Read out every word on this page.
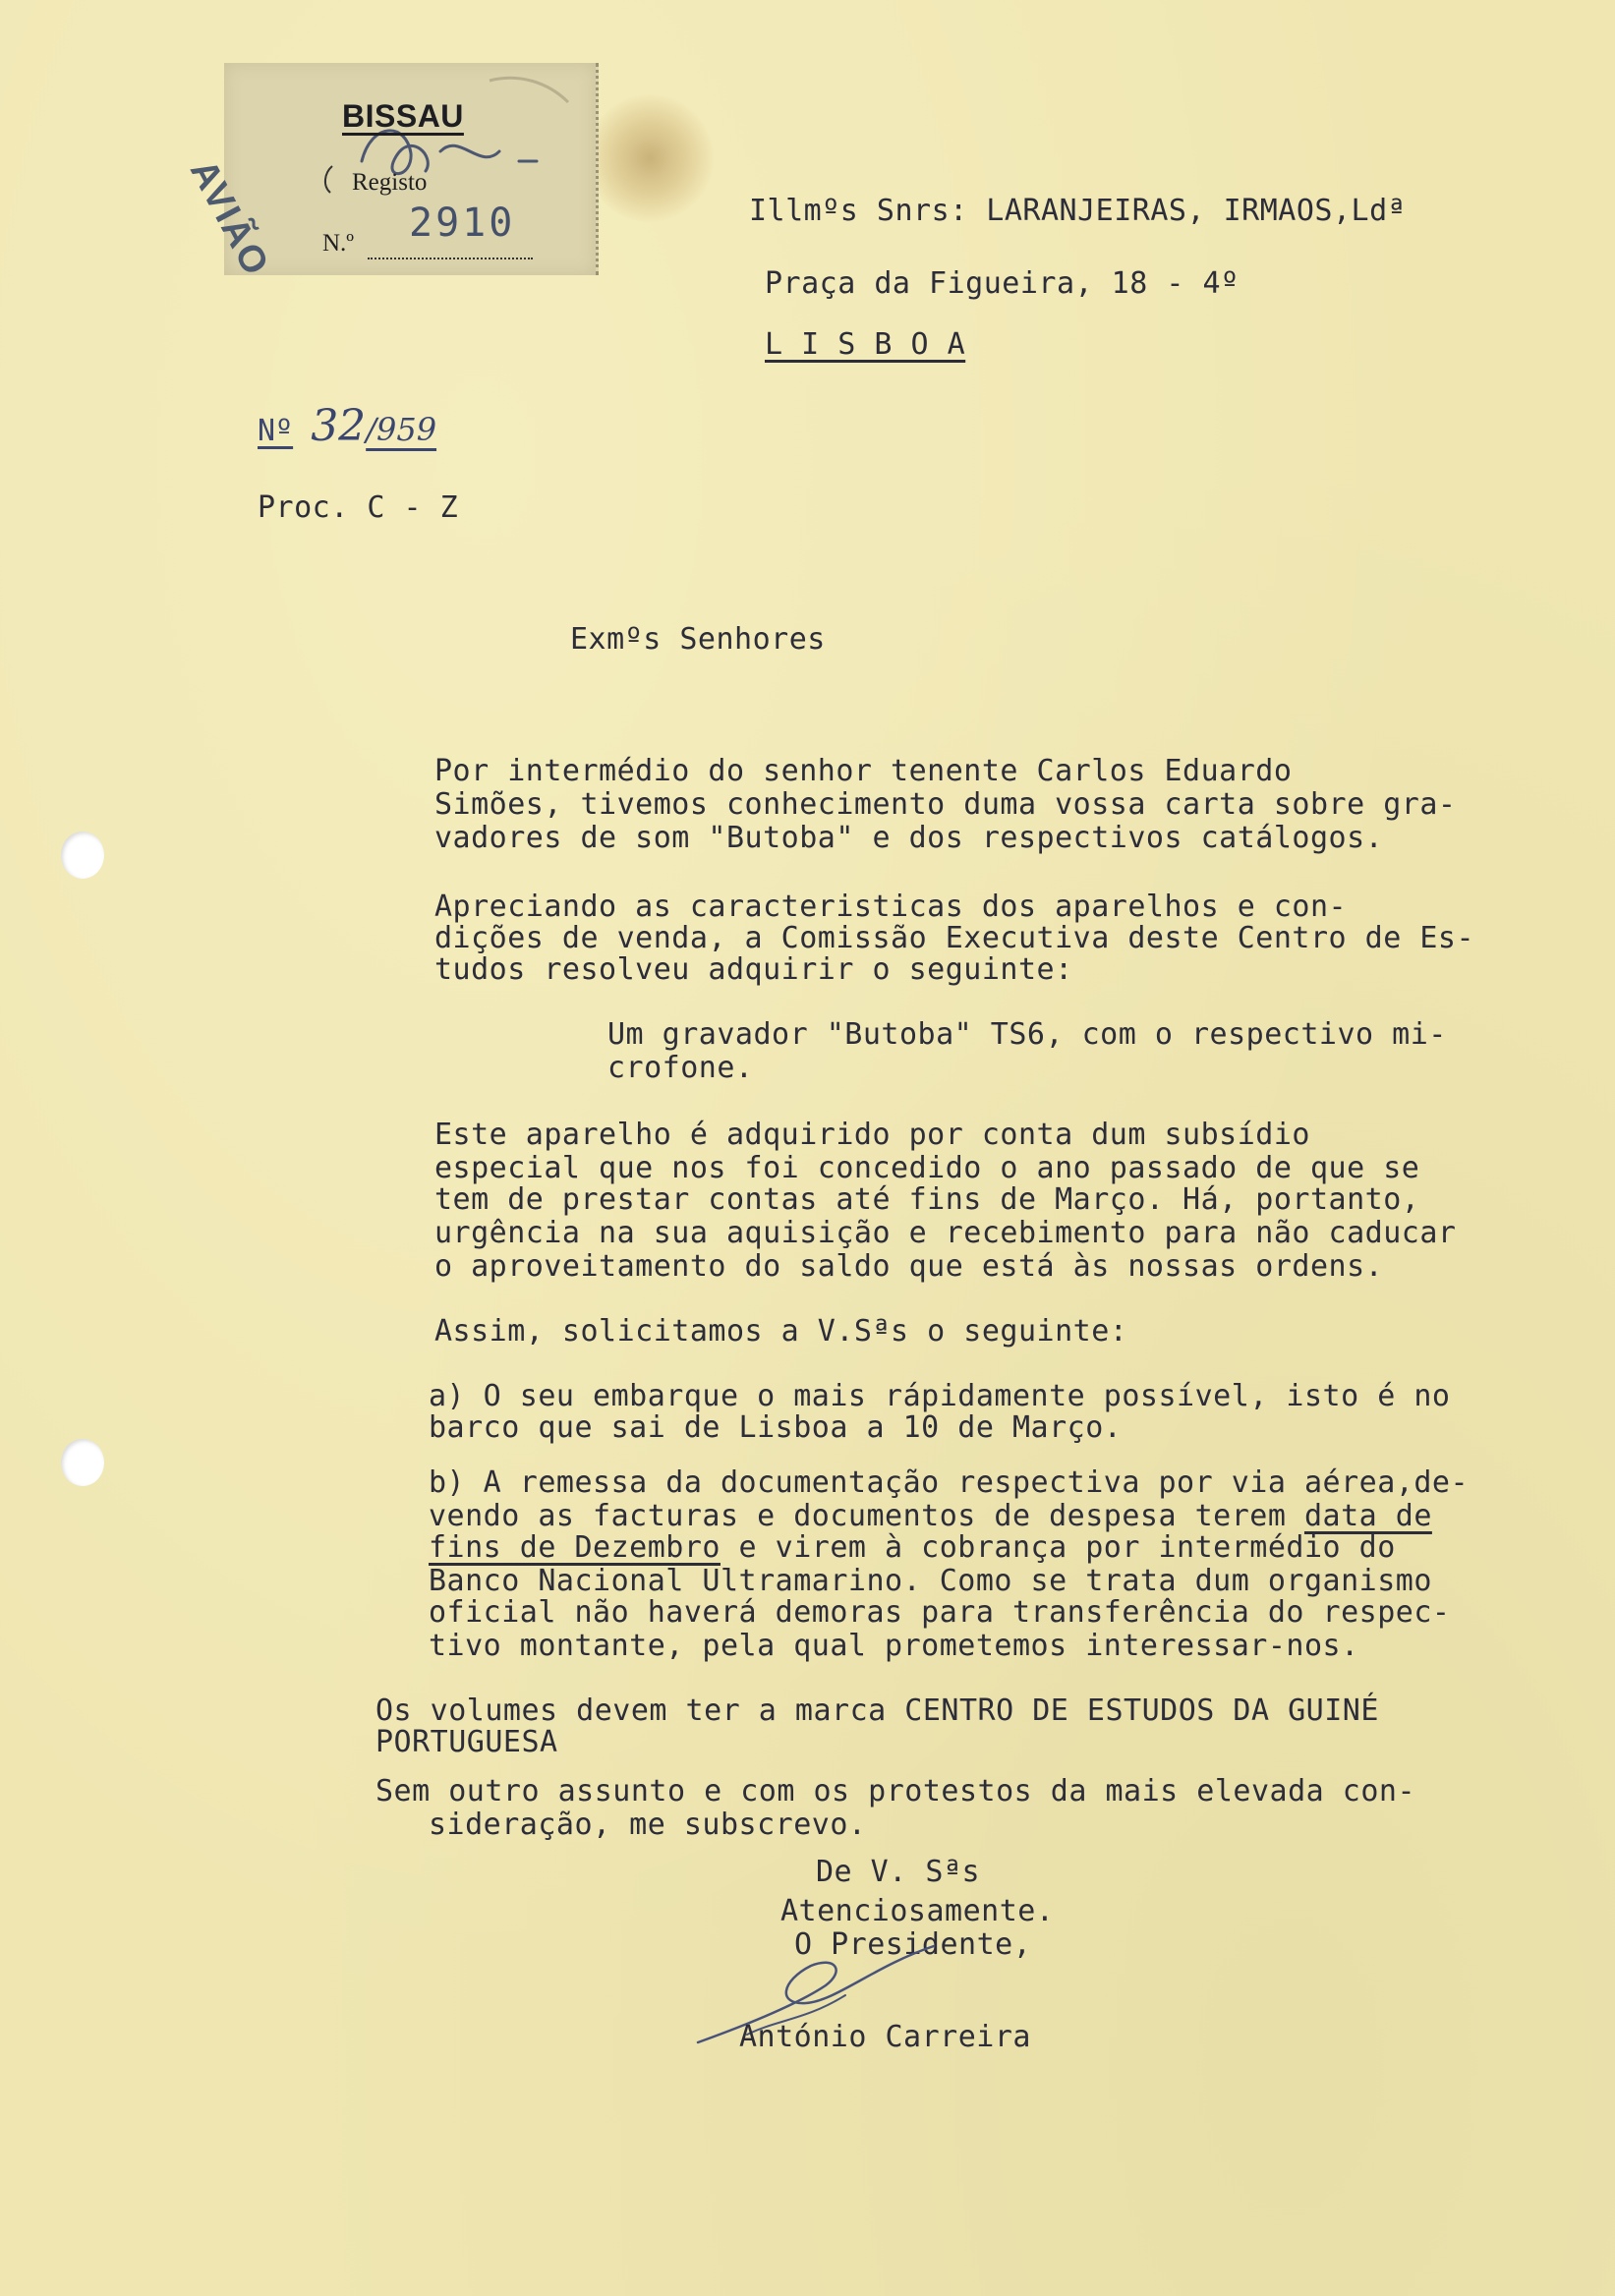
BISSAU
AVIÃO	Registo
N.º 2910	Illmºs Snrs: LARANJEIRAS, IRMAOS,Ldª
Praça da Figueira, 18 - 4º
L I S B O A
Nº 32/959
Proc. C - Z
Exmºs Senhores
Por intermédio do senhor tenente Carlos Eduardo
Simões, tivemos conhecimento duma vossa carta sobre gra-
vadores de som "Butoba" e dos respectivos catálogos.
Apreciando as caracteristicas dos aparelhos e con-
dições de venda, a Comissão Executiva deste Centro de Es-
tudos resolveu adquirir o seguinte:
Um gravador "Butoba" TS6, com o respectivo mi-
crofone.
Este aparelho é adquirido por conta dum subsídio
especial que nos foi concedido o ano passado de que se
tem de prestar contas até fins de Março. Há, portanto,
urgência na sua aquisição e recebimento para não caducar
o aproveitamento do saldo que está às nossas ordens.
Assim, solicitamos a V.Sªs o seguinte:
a) O seu embarque o mais rápidamente possível, isto é no
barco que sai de Lisboa a 10 de Março.
b) A remessa da documentação respectiva por via aérea,de-
vendo as facturas e documentos de despesa terem data de
fins de Dezembro e virem à cobrança por intermédio do
Banco Nacional Ultramarino. Como se trata dum organismo
oficial não haverá demoras para transferência do respec-
tivo montante, pela qual prometemos interessar-nos.
Os volumes devem ter a marca CENTRO DE ESTUDOS DA GUINÉ
PORTUGUESA
Sem outro assunto e com os protestos da mais elevada con-
sideração, me subscrevo.
De V. Sªs
Atenciosamente.
O Presidente,
António Carreira
